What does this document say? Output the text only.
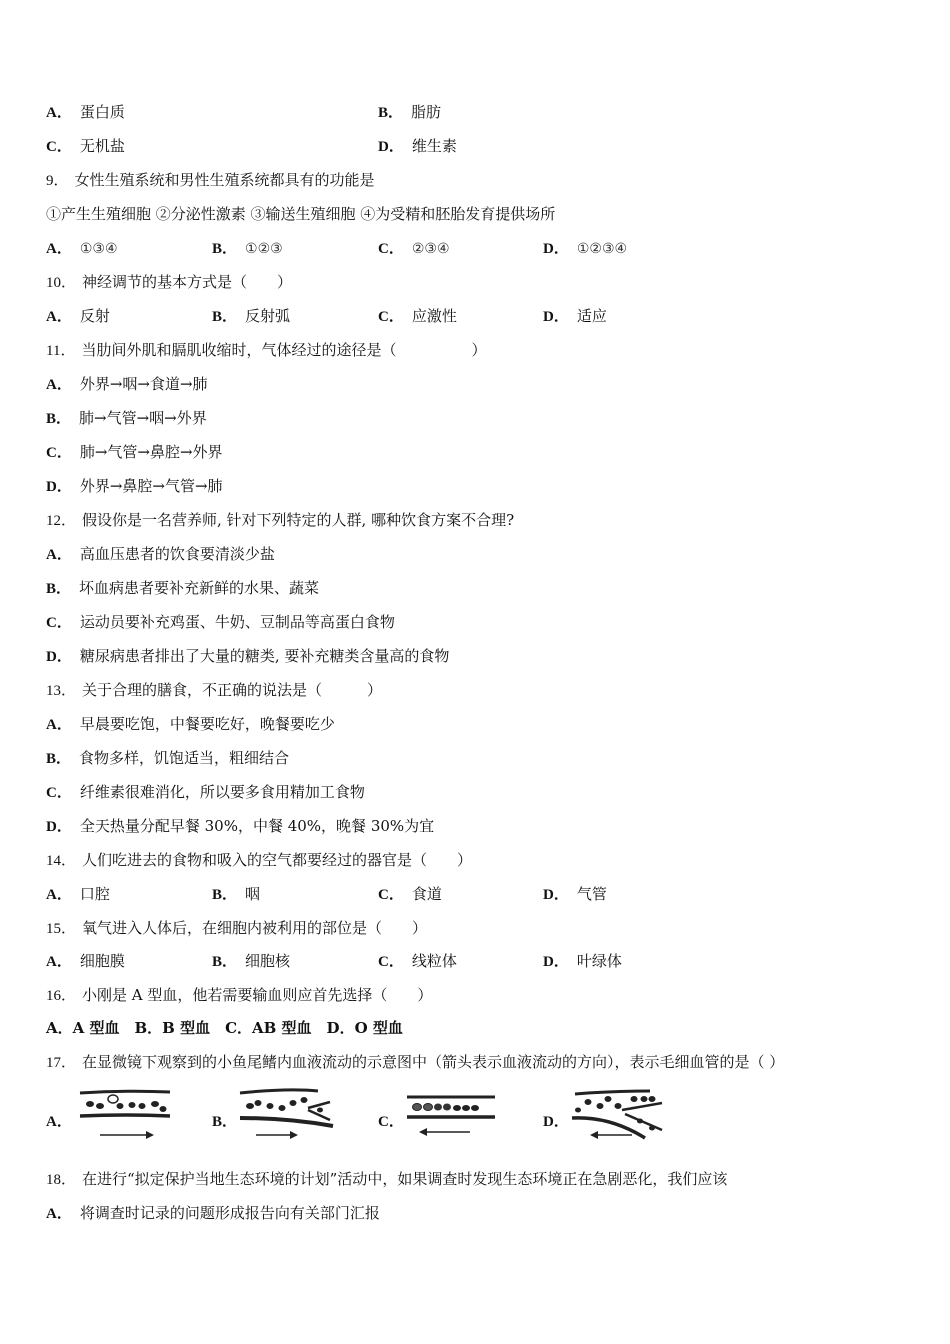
A． 蛋白质	B． 脂肪
C． 无机盐	D． 维生素
9． 女性生殖系统和男性生殖系统都具有的功能是
①产生生殖细胞 ②分泌性激素 ③输送生殖细胞 ④为受精和胚胎发育提供场所
A． ①③④	B． ①②③	C． ②③④	D． ①②③④
10． 神经调节的基本方式是（　　）
A． 反射	B． 反射弧	C． 应激性	D． 适应
11． 当肋间外肌和膈肌收缩时，气体经过的途径是（　　　　　）
A． 外界→咽→食道→肺
B． 肺→气管→咽→外界
C． 肺→气管→鼻腔→外界
D． 外界→鼻腔→气管→肺
12． 假设你是一名营养师, 针对下列特定的人群, 哪种饮食方案不合理?
A． 高血压患者的饮食要清淡少盐
B． 坏血病患者要补充新鲜的水果、蔬菜
C． 运动员要补充鸡蛋、牛奶、豆制品等高蛋白食物
D． 糖尿病患者排出了大量的糖类, 要补充糖类含量高的食物
13． 关于合理的膳食，不正确的说法是（　　　）
A． 早晨要吃饱，中餐要吃好，晚餐要吃少
B． 食物多样，饥饱适当，粗细结合
C． 纤维素很难消化，所以要多食用精加工食物
D． 全天热量分配早餐 30%，中餐 40%，晚餐 30%为宜
14． 人们吃进去的食物和吸入的空气都要经过的器官是（　　）
A． 口腔	B． 咽	C． 食道	D． 气管
15． 氧气进入人体后，在细胞内被利用的部位是（　　）
A． 细胞膜	B． 细胞核	C． 线粒体	D． 叶绿体
16． 小刚是 A 型血，他若需要输血则应首先选择（　　）
A．A 型血　B．B 型血　C．AB 型血　D．O 型血
17． 在显微镜下观察到的小鱼尾鳍内血液流动的示意图中（箭头表示血液流动的方向），表示毛细血管的是（ ）
A．	B．	C．	D．
18． 在进行“拟定保护当地生态环境的计划”活动中，如果调查时发现生态环境正在急剧恶化，我们应该
A． 将调查时记录的问题形成报告向有关部门汇报
